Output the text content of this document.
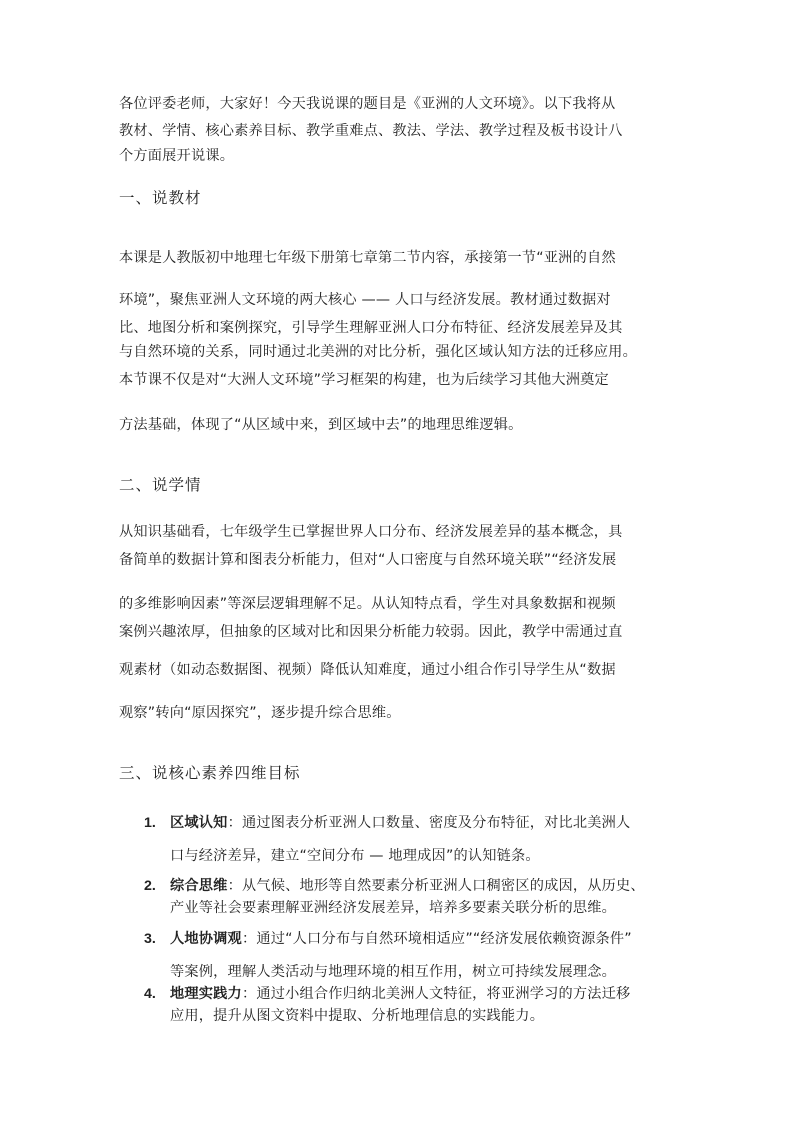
各位评委老师，大家好！今天我说课的题目是《亚洲的人文环境》。以下我将从
教材、学情、核心素养目标、教学重难点、教法、学法、教学过程及板书设计八
个方面展开说课。
一、说教材
本课是人教版初中地理七年级下册第七章第二节内容，承接第一节“亚洲的自然
环境”，聚焦亚洲人文环境的两大核心 —— 人口与经济发展。教材通过数据对
比、地图分析和案例探究，引导学生理解亚洲人口分布特征、经济发展差异及其
与自然环境的关系，同时通过北美洲的对比分析，强化区域认知方法的迁移应用。
本节课不仅是对“大洲人文环境”学习框架的构建，也为后续学习其他大洲奠定
方法基础，体现了“从区域中来，到区域中去”的地理思维逻辑。
二、说学情
从知识基础看，七年级学生已掌握世界人口分布、经济发展差异的基本概念，具
备简单的数据计算和图表分析能力，但对“人口密度与自然环境关联”“经济发展
的多维影响因素”等深层逻辑理解不足。从认知特点看，学生对具象数据和视频
案例兴趣浓厚，但抽象的区域对比和因果分析能力较弱。因此，教学中需通过直
观素材（如动态数据图、视频）降低认知难度，通过小组合作引导学生从“数据
观察”转向“原因探究”，逐步提升综合思维。
三、说核心素养四维目标
1. 区域认知：通过图表分析亚洲人口数量、密度及分布特征，对比北美洲人
口与经济差异，建立“空间分布 — 地理成因”的认知链条。
2. 综合思维：从气候、地形等自然要素分析亚洲人口稠密区的成因，从历史、
产业等社会要素理解亚洲经济发展差异，培养多要素关联分析的思维。
3. 人地协调观：通过“人口分布与自然环境相适应”“经济发展依赖资源条件”
等案例，理解人类活动与地理环境的相互作用，树立可持续发展理念。
4. 地理实践力：通过小组合作归纳北美洲人文特征，将亚洲学习的方法迁移
应用，提升从图文资料中提取、分析地理信息的实践能力。
